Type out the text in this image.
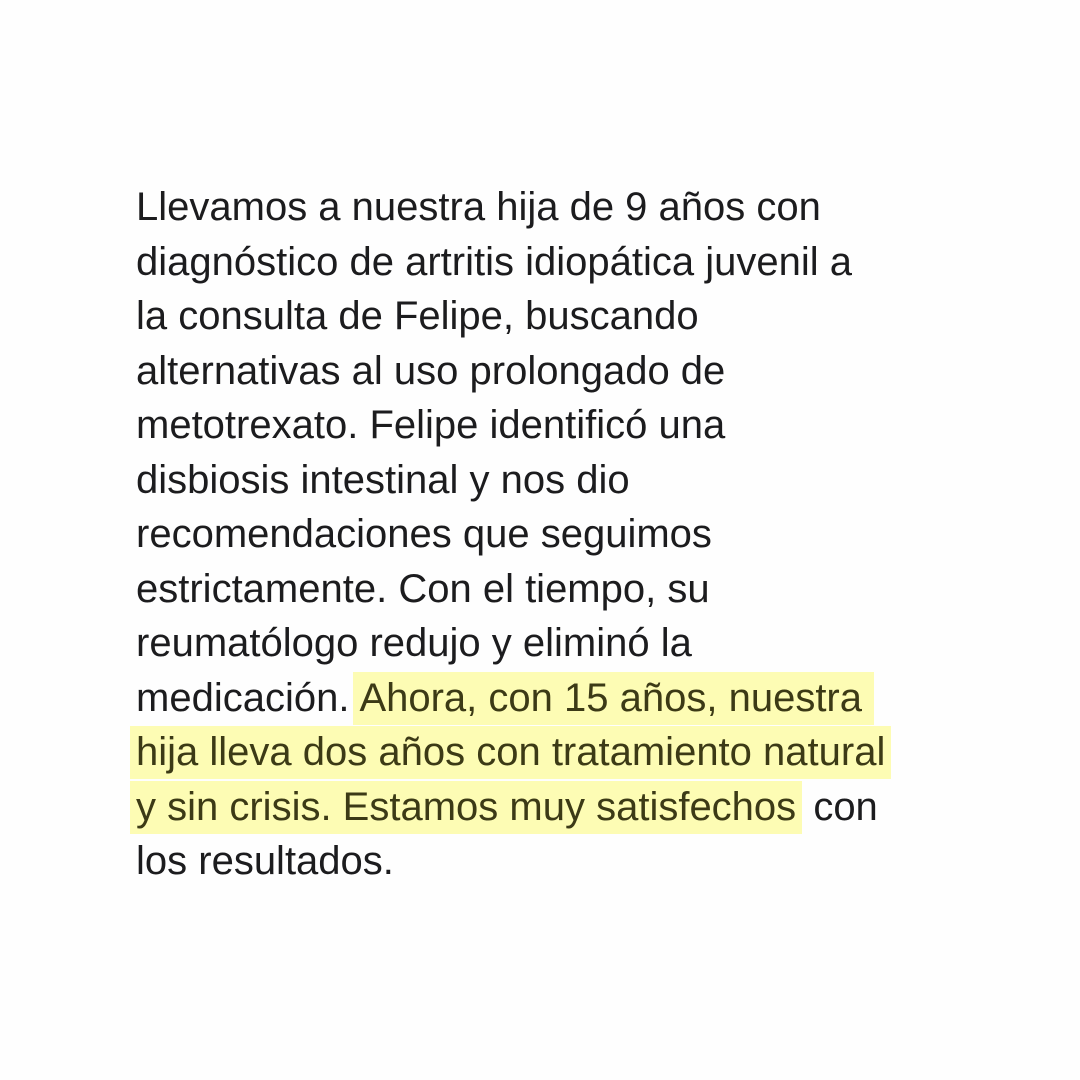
Llevamos a nuestra hija de 9 años con
diagnóstico de artritis idiopática juvenil a
la consulta de Felipe, buscando
alternativas al uso prolongado de
metotrexato. Felipe identificó una
disbiosis intestinal y nos dio
recomendaciones que seguimos
estrictamente. Con el tiempo, su
reumatólogo redujo y eliminó la
medicación. Ahora, con 15 años, nuestra
hija lleva dos años con tratamiento natural
y sin crisis. Estamos muy satisfechos con
los resultados.
